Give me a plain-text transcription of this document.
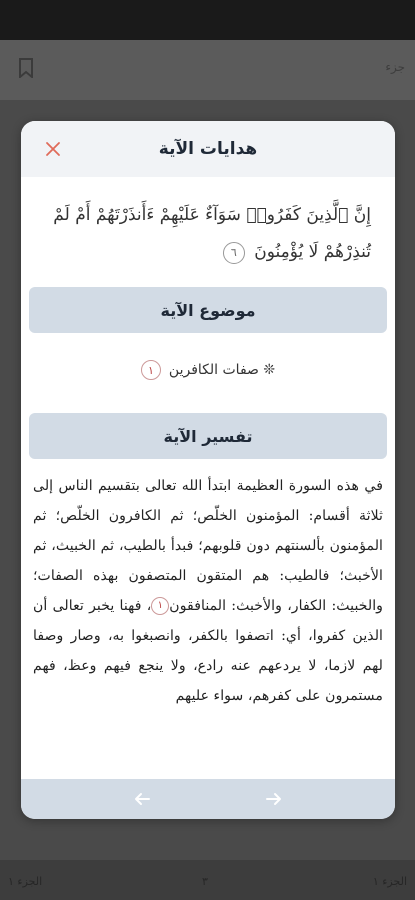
جزء
الجزء ١	٣	الجزء ١
هدايات الآية
إِنَّ ٱلَّذِينَ كَفَرُوا۟ سَوَآءٌ عَلَيْهِمْ ءَأَنذَرْتَهُمْ أَمْ لَمْ تُنذِرْهُمْ لَا يُؤْمِنُونَ ٦
موضوع الآية
❊ صفات الكافرين
١
تفسير الآية
في هذه السورة العظيمة ابتدأ الله تعالى بتقسيم الناس إلى ثلاثة أقسام: المؤمنون الخلّص؛ ثم الكافرون الخلّص؛ ثم المؤمنون بألسنتهم دون قلوبهم؛ فبدأ بالطيب، ثم الخبيث، ثم الأخبث؛ فالطيب: هم المتقون المتصفون بهذه الصفات؛ والخبيث: الكفار، والأخبث: المنافقون١، فهنا يخبر تعالى أن الذين كفروا، أي: اتصفوا بالكفر، وانصبغوا به، وصار وصفا لهم لازما، لا يردعهم عنه رادع، ولا ينجع فيهم وعظ، فهم مستمرون على كفرهم، سواء عليهم
